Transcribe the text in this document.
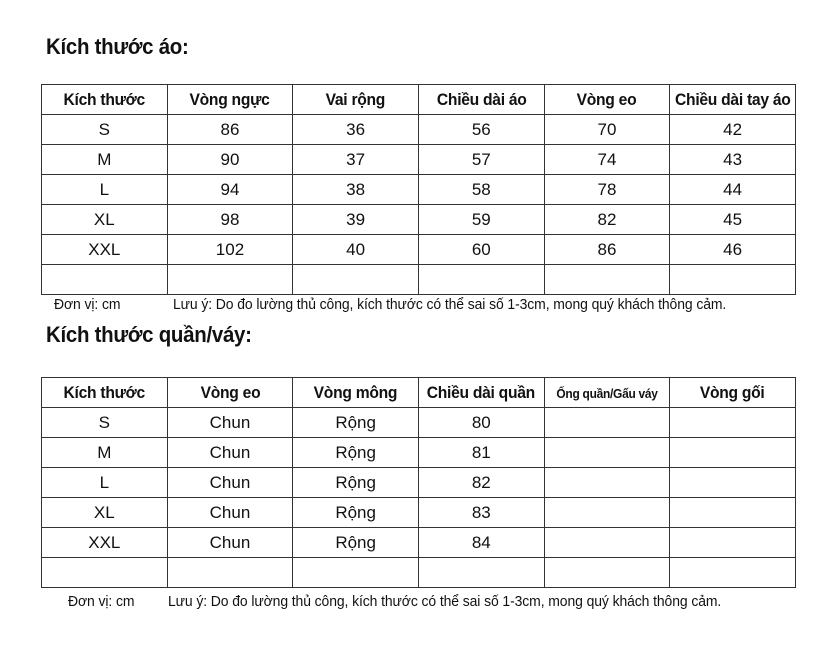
Kích thước áo:
Kích thước	Vòng ngực	Vai rộng	Chiều dài áo	Vòng eo	Chiều dài tay áo
S	86	36	56	70	42
M	90	37	57	74	43
L	94	38	58	78	44
XL	98	39	59	82	45
XXL	102	40	60	86	46

Đơn vị: cm	Lưu ý: Do đo lường thủ công, kích thước có thể sai số 1-3cm, mong quý khách thông cảm.
Kích thước quần/váy:
Kích thước	Vòng eo	Vòng mông	Chiều dài quần	Ống quần/Gấu váy	Vòng gối
S	Chun	Rộng	80		
M	Chun	Rộng	81		
L	Chun	Rộng	82		
XL	Chun	Rộng	83		
XXL	Chun	Rộng	84		

Đơn vị: cm Lưu ý: Do đo lường thủ công, kích thước có thể sai số 1-3cm, mong quý khách thông cảm.
